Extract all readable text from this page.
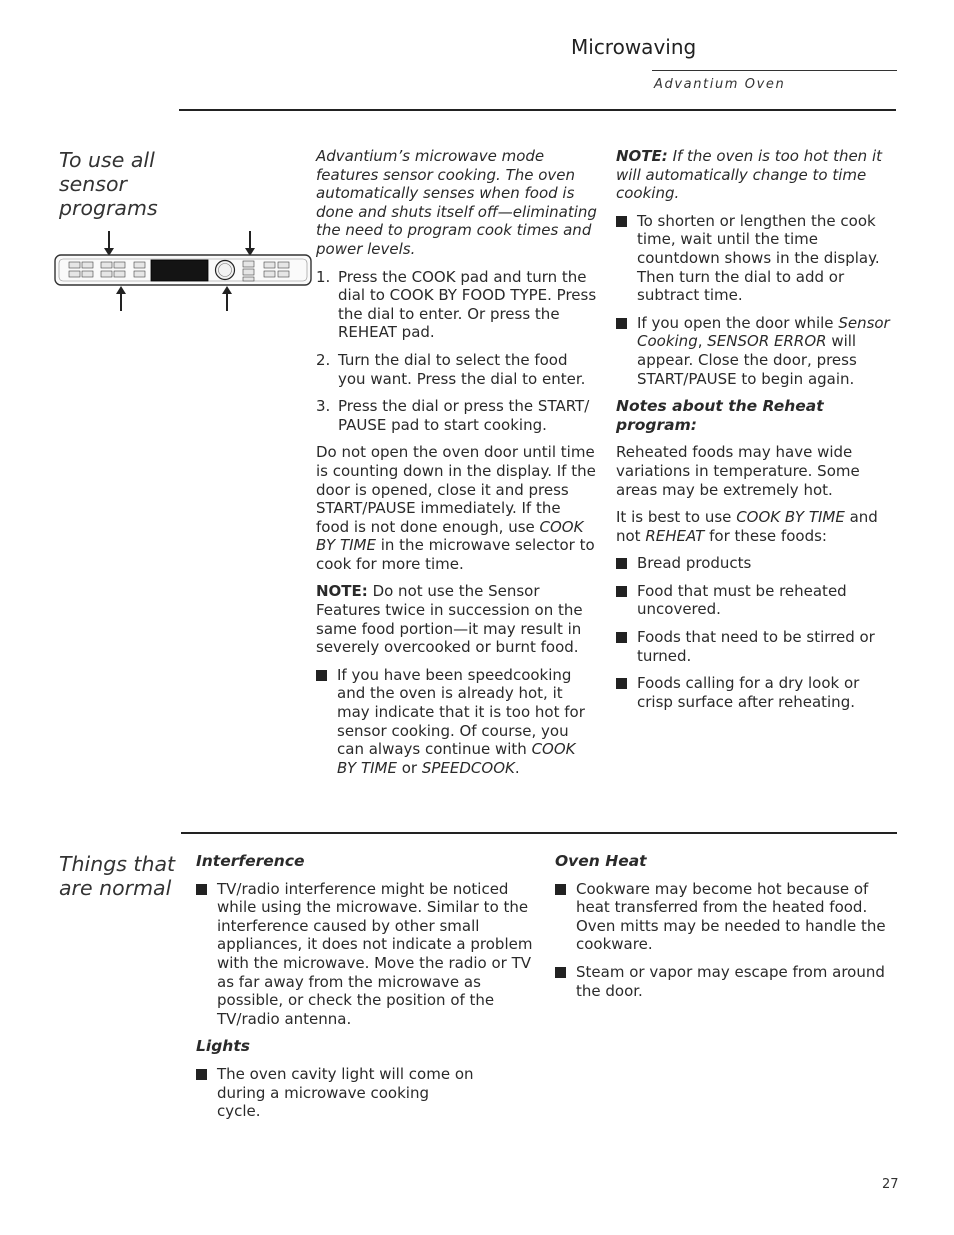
Microwaving
Advantium Oven
To use all sensor programs

Advantium’s microwave mode features sensor cooking. The oven automatically senses when food is done and shuts itself off—eliminating the need to program cook times and power levels.

1. Press the COOK pad and turn the dial to COOK BY FOOD TYPE. Press the dial to enter. Or press the REHEAT pad.
2. Turn the dial to select the food you want. Press the dial to enter.
3. Press the dial or press the START/ PAUSE pad to start cooking.

Do not open the oven door until time is counting down in the display. If the door is opened, close it and press START/PAUSE immediately. If the food is not done enough, use COOK BY TIME in the microwave selector to cook for more time.

NOTE: Do not use the Sensor Features twice in succession on the same food portion—it may result in severely overcooked or burnt food.

If you have been speedcooking and the oven is already hot, it may indicate that it is too hot for sensor cooking. Of course, you can always continue with COOK BY TIME or SPEEDCOOK.

NOTE: If the oven is too hot then it will automatically change to time cooking.

To shorten or lengthen the cook time, wait until the time countdown shows in the display. Then turn the dial to add or subtract time.
If you open the door while Sensor Cooking, SENSOR ERROR will appear. Close the door, press START/PAUSE to begin again.

Notes about the Reheat program:

Reheated foods may have wide variations in temperature. Some areas may be extremely hot.

It is best to use COOK BY TIME and not REHEAT for these foods:

Bread products
Food that must be reheated uncovered.
Foods that need to be stirred or turned.
Foods calling for a dry look or crisp surface after reheating.
Things that are normal

Interference

TV/radio interference might be noticed while using the microwave. Similar to the interference caused by other small appliances, it does not indicate a problem with the microwave. Move the radio or TV as far away from the microwave as possible, or check the position of the TV/radio antenna.

Lights

The oven cavity light will come on during a microwave cooking cycle.

Oven Heat

Cookware may become hot because of heat transferred from the heated food. Oven mitts may be needed to handle the cookware.
Steam or vapor may escape from around the door.
27
